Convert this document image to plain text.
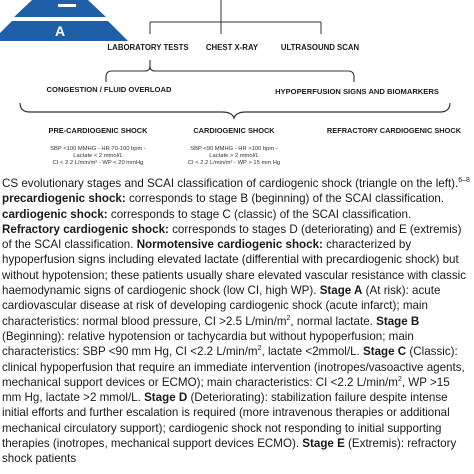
A
LABORATORY TESTS CHEST X-RAY	ULTRASOUND SCAN
CONGESTION / FLUID OVERLOAD	HYPOPERFUSION SIGNS AND BIOMARKERS
PRE-CARDIOGENIC SHOCK
SBP <100 MMHG - HR 70-100 bpm -
Lactate < 2 mmol/L
CI < 2.2 L/min/m² - WP < 20 mmHg
CARDIOGENIC SHOCK
SBP <90 MMHG - HR >100 bpm -
Lactate > 2 mmol/L
CI < 2.2 L/min/m² - WP > 15 mm Hg
REFRACTORY CARDIOGENIC SHOCK

CS evolutionary stages and SCAI classification of cardiogenic shock (triangle on the left).$^{6-8}$ precardiogenic shock: corresponds to stage B (beginning) of the SCAI classification. cardiogenic shock: corresponds to stage C (classic) of the SCAI classification. Refractory cardiogenic shock: corresponds to stages D (deteriorating) and E (extremis) of the SCAI classification. Normotensive cardiogenic shock: characterized by hypoperfusion signs including elevated lactate (differential with precardiogenic shock) but without hypotension; these patients usually share elevated vascular resistance with classic haemodynamic signs of cardiogenic shock (low CI, high WP). Stage A (At risk): acute cardiovascular disease at risk of developing cardiogenic shock (acute infarct); main characteristics: normal blood pressure, CI >2.5 $L/\min/m^2$, normal lactate. Stage B (Beginning): relative hypotension or tachycardia but without hypoperfusion; main characteristics: SBP <90 mm Hg, CI <2.2 $L/\min/m^2$, lactate <2mmol/L. Stage C (Classic): clinical hypoperfusion that require an immediate intervention (inotropes/vasoactive agents, mechanical support devices or ECMO); main characteristics: CI <2.2 $L/\min/m^2$, WP >15 mm Hg, lactate >2 mmol/L. Stage D (Deteriorating): stabilization failure despite intense initial efforts and further escalation is required (more intravenous therapies or additional mechanical circulatory support); cardiogenic shock not responding to initial supporting therapies (inotropes, mechanical support devices ECMO). Stage E (Extremis): refractory shock patients
